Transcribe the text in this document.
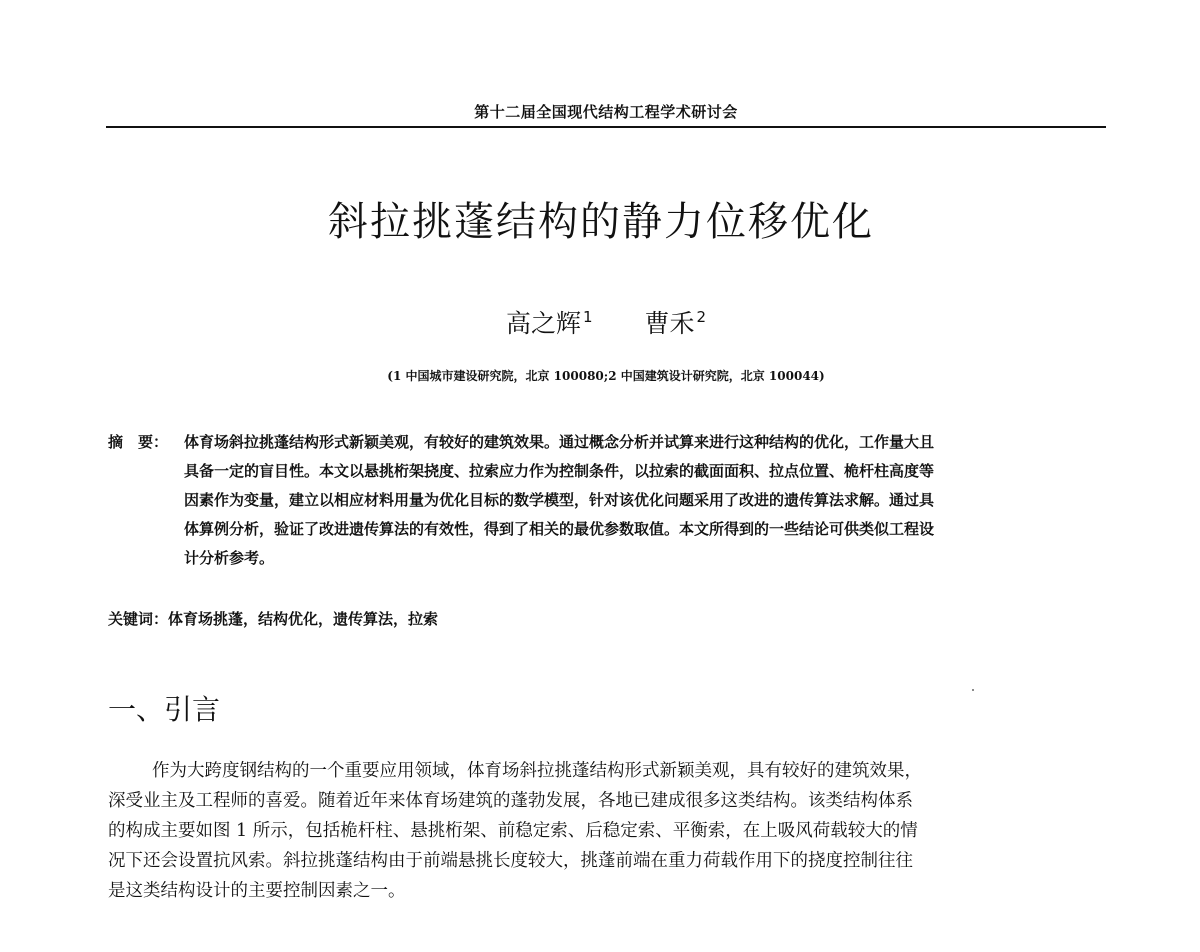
第十二届全国现代结构工程学术研讨会
斜拉挑蓬结构的静力位移优化
高之辉 $^1$ 曹禾 $^2$
(1 中国城市建设研究院，北京 100080;2 中国建筑设计研究院，北京 100044)
摘　要：	体育场斜拉挑蓬结构形式新颖美观，有较好的建筑效果。通过概念分析并试算来进行这种结构的优化，工作量大且
具备一定的盲目性。本文以悬挑桁架挠度、拉索应力作为控制条件，以拉索的截面面积、拉点位置、桅杆柱高度等
因素作为变量，建立以相应材料用量为优化目标的数学模型，针对该优化问题采用了改进的遗传算法求解。通过具
体算例分析，验证了改进遗传算法的有效性，得到了相关的最优参数取值。本文所得到的一些结论可供类似工程设
计分析参考。
关键词：体育场挑蓬，结构优化，遗传算法，拉索
一、引言
作为大跨度钢结构的一个重要应用领域，体育场斜拉挑蓬结构形式新颖美观，具有较好的建筑效果，
深受业主及工程师的喜爱。随着近年来体育场建筑的蓬勃发展，各地已建成很多这类结构。该类结构体系
的构成主要如图 1 所示，包括桅杆柱、悬挑桁架、前稳定索、后稳定索、平衡索，在上吸风荷载较大的情
况下还会设置抗风索。斜拉挑蓬结构由于前端悬挑长度较大，挑蓬前端在重力荷载作用下的挠度控制往往
是这类结构设计的主要控制因素之一。
